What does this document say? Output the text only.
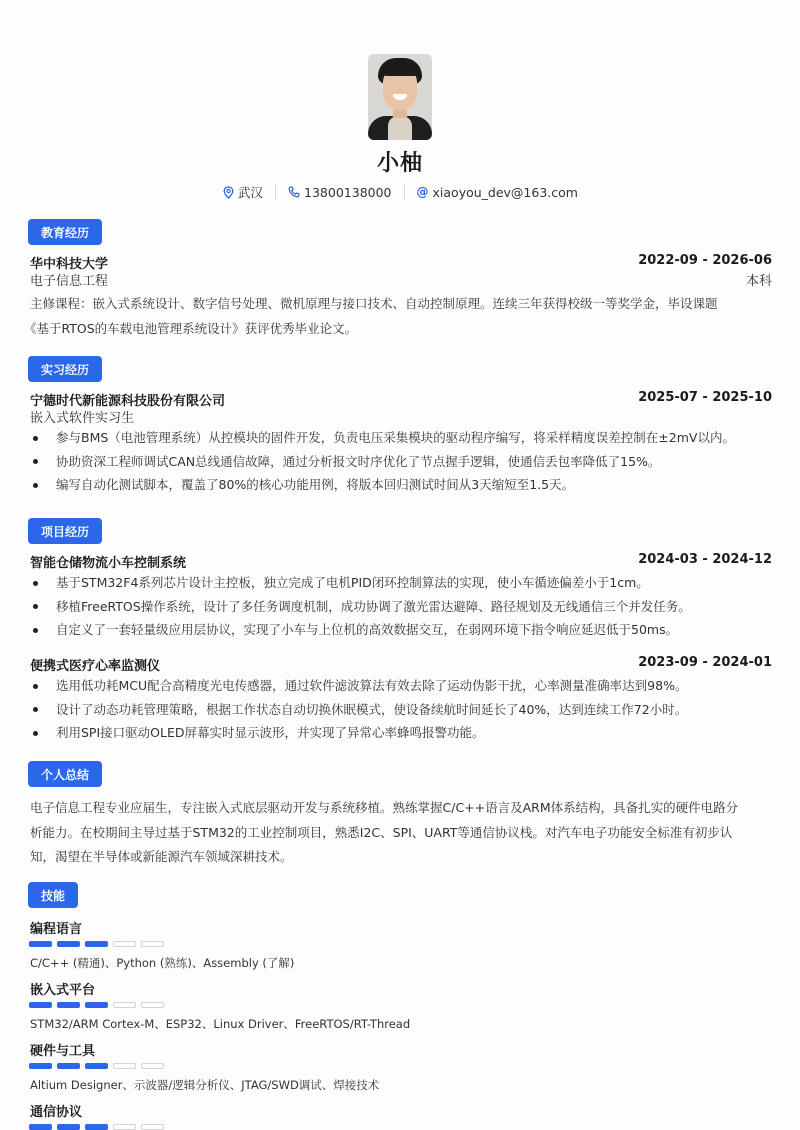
小柚
武汉	13800138000 @ xiaoyou_dev@163.com
教育经历
华中科技大学	2022-09 - 2026-06
电子信息工程	本科
主修课程：嵌入式系统设计、数字信号处理、微机原理与接口技术、自动控制原理。连续三年获得校级一等奖学金，毕设课题
《基于RTOS的车载电池管理系统设计》获评优秀毕业论文。
实习经历
宁德时代新能源科技股份有限公司	2025-07 - 2025-10
嵌入式软件实习生
参与BMS（电池管理系统）从控模块的固件开发，负责电压采集模块的驱动程序编写，将采样精度误差控制在±2mV以内。
协助资深工程师调试CAN总线通信故障，通过分析报文时序优化了节点握手逻辑，使通信丢包率降低了15%。
编写自动化测试脚本，覆盖了80%的核心功能用例，将版本回归测试时间从3天缩短至1.5天。
项目经历
智能仓储物流小车控制系统	2024-03 - 2024-12
基于STM32F4系列芯片设计主控板，独立完成了电机PID闭环控制算法的实现，使小车循迹偏差小于1cm。
移植FreeRTOS操作系统，设计了多任务调度机制，成功协调了激光雷达避障、路径规划及无线通信三个并发任务。
自定义了一套轻量级应用层协议，实现了小车与上位机的高效数据交互，在弱网环境下指令响应延迟低于50ms。
便携式医疗心率监测仪	2023-09 - 2024-01
选用低功耗MCU配合高精度光电传感器，通过软件滤波算法有效去除了运动伪影干扰，心率测量准确率达到98%。
设计了动态功耗管理策略，根据工作状态自动切换休眠模式，使设备续航时间延长了40%，达到连续工作72小时。
利用SPI接口驱动OLED屏幕实时显示波形，并实现了异常心率蜂鸣报警功能。
个人总结
电子信息工程专业应届生，专注嵌入式底层驱动开发与系统移植。熟练掌握C/C++语言及ARM体系结构，具备扎实的硬件电路分
析能力。在校期间主导过基于STM32的工业控制项目，熟悉I2C、SPI、UART等通信协议栈。对汽车电子功能安全标准有初步认
知，渴望在半导体或新能源汽车领域深耕技术。
技能
编程语言
C/C++ (精通)、Python (熟练)、Assembly (了解)
嵌入式平台
STM32/ARM Cortex-M、ESP32、Linux Driver、FreeRTOS/RT-Thread
硬件与工具
Altium Designer、示波器/逻辑分析仪、JTAG/SWD调试、焊接技术
通信协议
